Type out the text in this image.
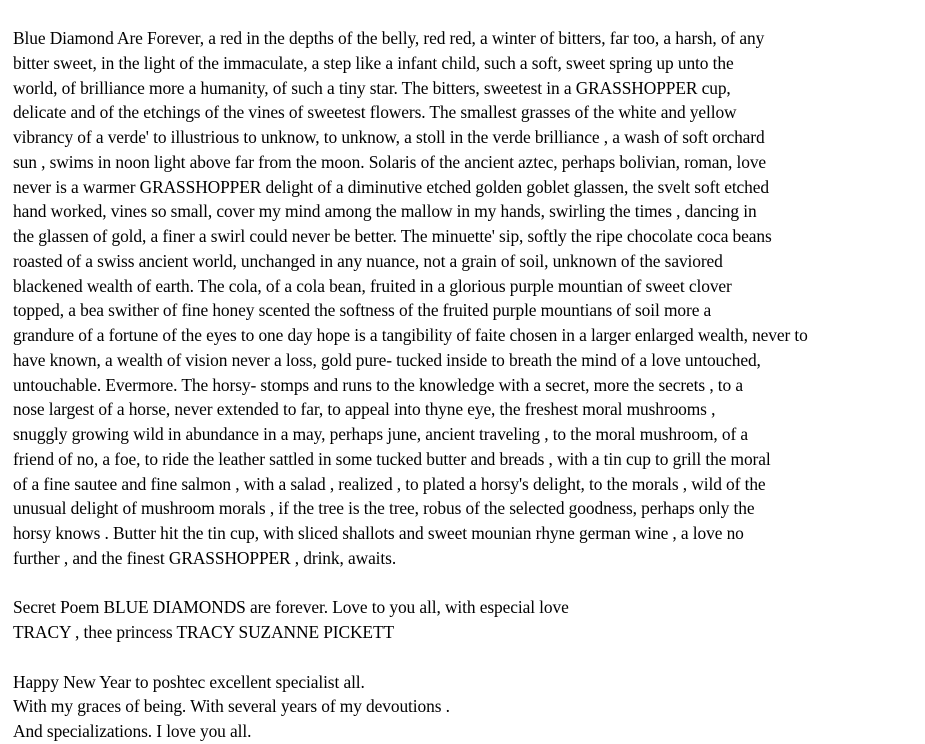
Blue Diamond Are Forever, a red in the depths of the belly, red red, a winter of bitters, far too, a harsh, of any
bitter sweet, in the light of the immaculate, a step like a infant child, such a soft, sweet spring up unto the
world, of brilliance more a humanity, of such a tiny star. The bitters, sweetest in a GRASSHOPPER cup,
delicate and of the etchings of the vines of sweetest flowers. The smallest grasses of the white and yellow
vibrancy of a verde' to illustrious to unknow, to unknow, a stoll in the verde brilliance , a wash of soft orchard
sun , swims in noon light above far from the moon. Solaris of the ancient aztec, perhaps bolivian, roman, love
never is a warmer GRASSHOPPER delight of a diminutive etched golden goblet glassen, the svelt soft etched
hand worked, vines so small, cover my mind among the mallow in my hands, swirling the times , dancing in
the glassen of gold, a finer a swirl could never be better. The minuette' sip, softly the ripe chocolate coca beans
roasted of a swiss ancient world, unchanged in any nuance, not a grain of soil, unknown of the saviored
blackened wealth of earth. The cola, of a cola bean, fruited in a glorious purple mountian of sweet clover
topped, a bea swither of fine honey scented the softness of the fruited purple mountians of soil more a
grandure of a fortune of the eyes to one day hope is a tangibility of faite chosen in a larger enlarged wealth, never to
have known, a wealth of vision never a loss, gold pure- tucked inside to breath the mind of a love untouched,
untouchable. Evermore. The horsy- stomps and runs to the knowledge with a secret, more the secrets , to a
nose largest of a horse, never extended to far, to appeal into thyne eye, the freshest moral mushrooms ,
snuggly growing wild in abundance in a may, perhaps june, ancient traveling , to the moral mushroom, of a
friend of no, a foe, to ride the leather sattled in some tucked butter and breads , with a tin cup to grill the moral
of a fine sautee and fine salmon , with a salad , realized , to plated a horsy's delight, to the morals , wild of the
unusual delight of mushroom morals , if the tree is the tree, robus of the selected goodness, perhaps only the
horsy knows . Butter hit the tin cup, with sliced shallots and sweet mounian rhyne german wine , a love no
further , and the finest GRASSHOPPER , drink, awaits.
Secret Poem BLUE DIAMONDS are forever. Love to you all, with especial love
TRACY , thee princess TRACY SUZANNE PICKETT
Happy New Year to poshtec excellent specialist all.
With my graces of being. With several years of my devoutions .
And specializations. I love you all.
